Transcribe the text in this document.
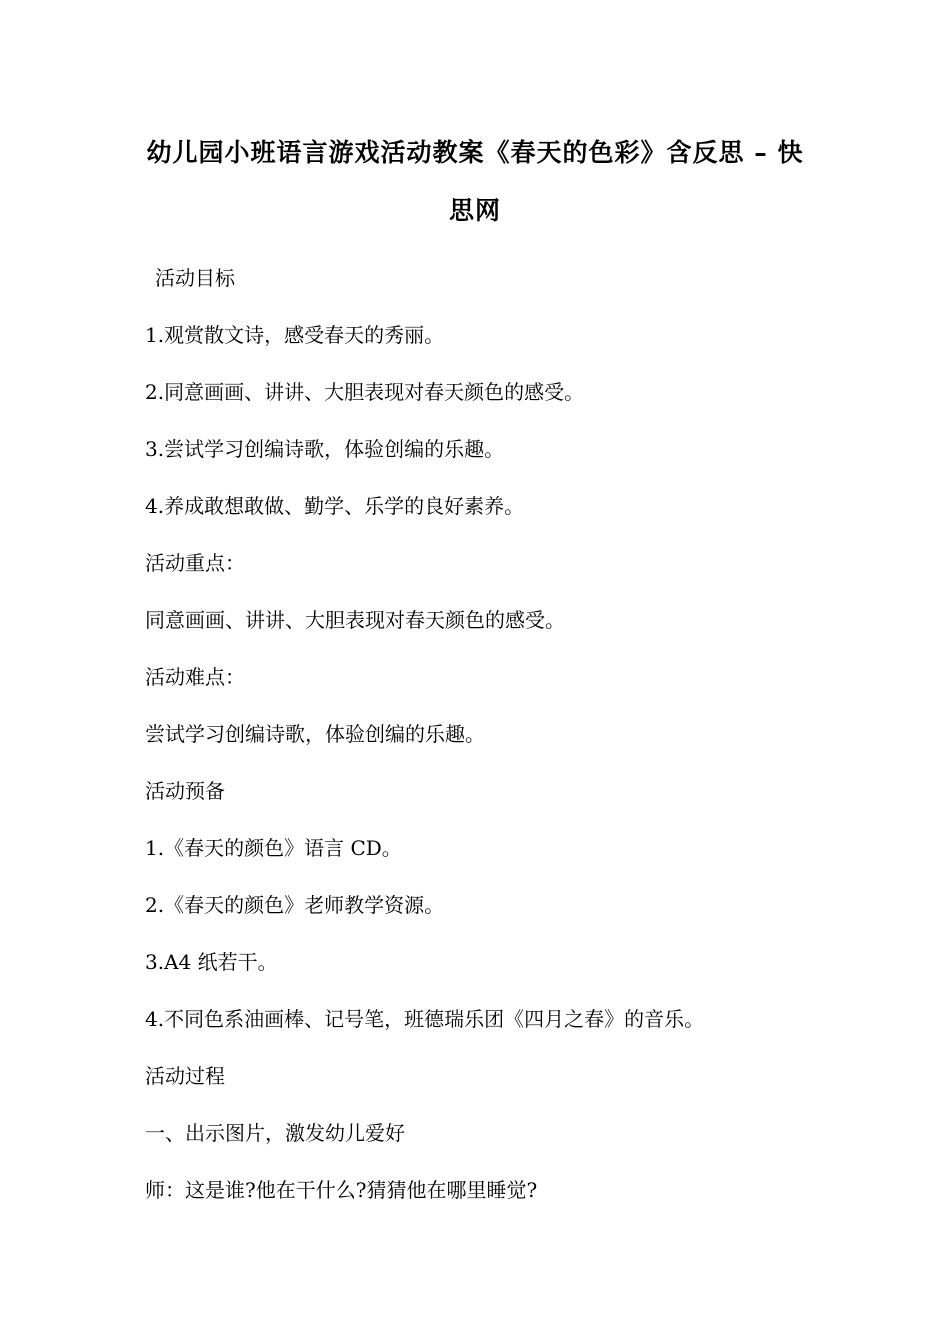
幼儿园小班语言游戏活动教案《春天的色彩》含反思 – 快
思网
活动目标
1.观赏散文诗，感受春天的秀丽。
2.同意画画、讲讲、大胆表现对春天颜色的感受。
3.尝试学习创编诗歌，体验创编的乐趣。
4.养成敢想敢做、勤学、乐学的良好素养。
活动重点：
同意画画、讲讲、大胆表现对春天颜色的感受。
活动难点：
尝试学习创编诗歌，体验创编的乐趣。
活动预备
1.《春天的颜色》语言 CD。
2.《春天的颜色》老师教学资源。
3.A4 纸若干。
4.不同色系油画棒、记号笔，班德瑞乐团《四月之春》的音乐。
活动过程
一、出示图片，激发幼儿爱好
师：这是谁?他在干什么?猜猜他在哪里睡觉?
